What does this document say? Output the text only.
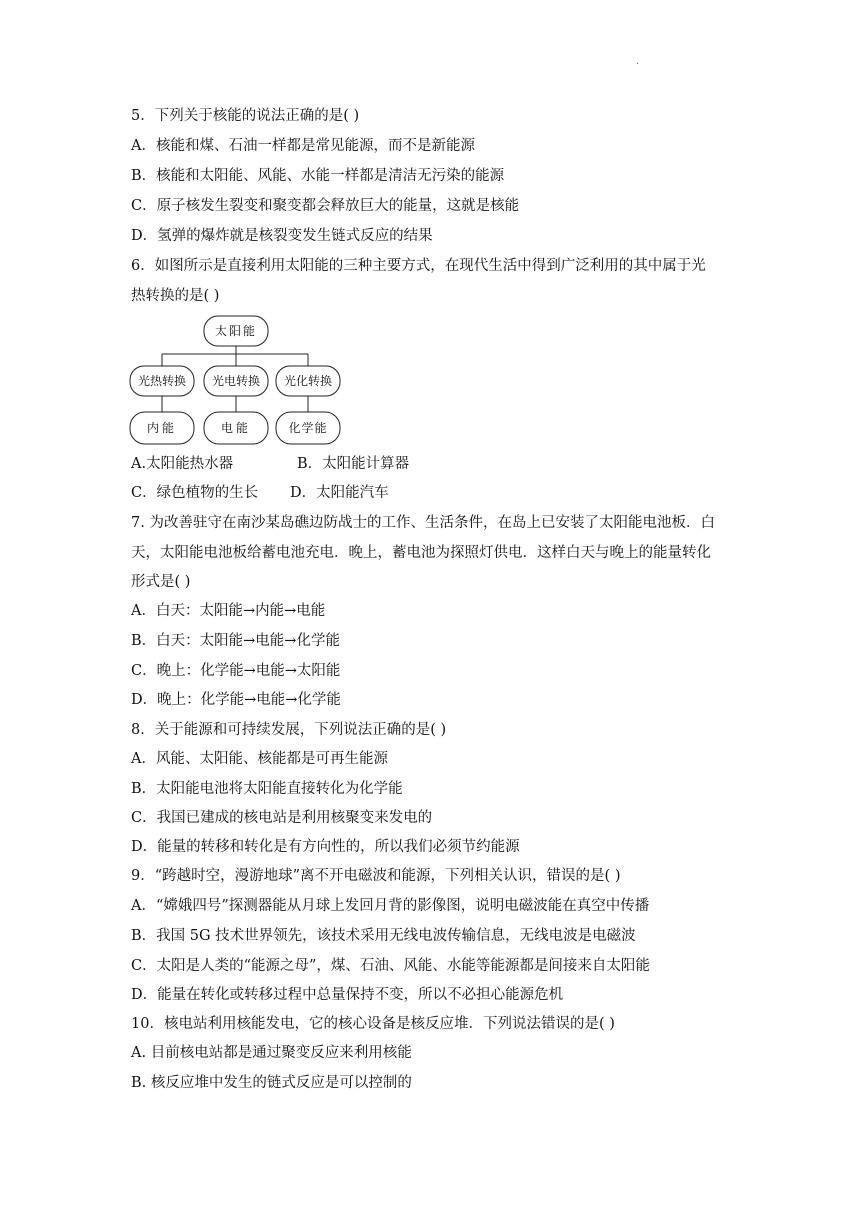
.
5．下列关于核能的说法正确的是( )
A．核能和煤、石油一样都是常见能源，而不是新能源
B．核能和太阳能、风能、水能一样都是清洁无污染的能源
C．原子核发生裂变和聚变都会释放巨大的能量，这就是核能
D．氢弹的爆炸就是核裂变发生链式反应的结果
6．如图所示是直接利用太阳能的三种主要方式，在现代生活中得到广泛利用的其中属于光
热转换的是( )
太阳能
光热转换 光电转换 光化转换
内能	电能	化学能
A.太阳能热水器	B．太阳能计算器
C．绿色植物的生长 D．太阳能汽车
7. 为改善驻守在南沙某岛礁边防战士的工作、生活条件，在岛上已安装了太阳能电池板．白
天，太阳能电池板给蓄电池充电．晚上，蓄电池为探照灯供电．这样白天与晚上的能量转化
形式是( )
A．白天：太阳能→内能→电能
B．白天：太阳能→电能→化学能
C．晚上：化学能→电能→太阳能
D．晚上：化学能→电能→化学能
8．关于能源和可持续发展，下列说法正确的是( )
A．风能、太阳能、核能都是可再生能源
B．太阳能电池将太阳能直接转化为化学能
C．我国已建成的核电站是利用核聚变来发电的
D．能量的转移和转化是有方向性的，所以我们必须节约能源
9．“跨越时空，漫游地球”离不开电磁波和能源，下列相关认识，错误的是( )
A．“嫦娥四号”探测器能从月球上发回月背的影像图，说明电磁波能在真空中传播
B．我国 5G 技术世界领先，该技术采用无线电波传输信息，无线电波是电磁波
C．太阳是人类的“能源之母”，煤、石油、风能、水能等能源都是间接来自太阳能
D．能量在转化或转移过程中总量保持不变，所以不必担心能源危机
10．核电站利用核能发电，它的核心设备是核反应堆．下列说法错误的是( )
A. 目前核电站都是通过聚变反应来利用核能
B. 核反应堆中发生的链式反应是可以控制的
